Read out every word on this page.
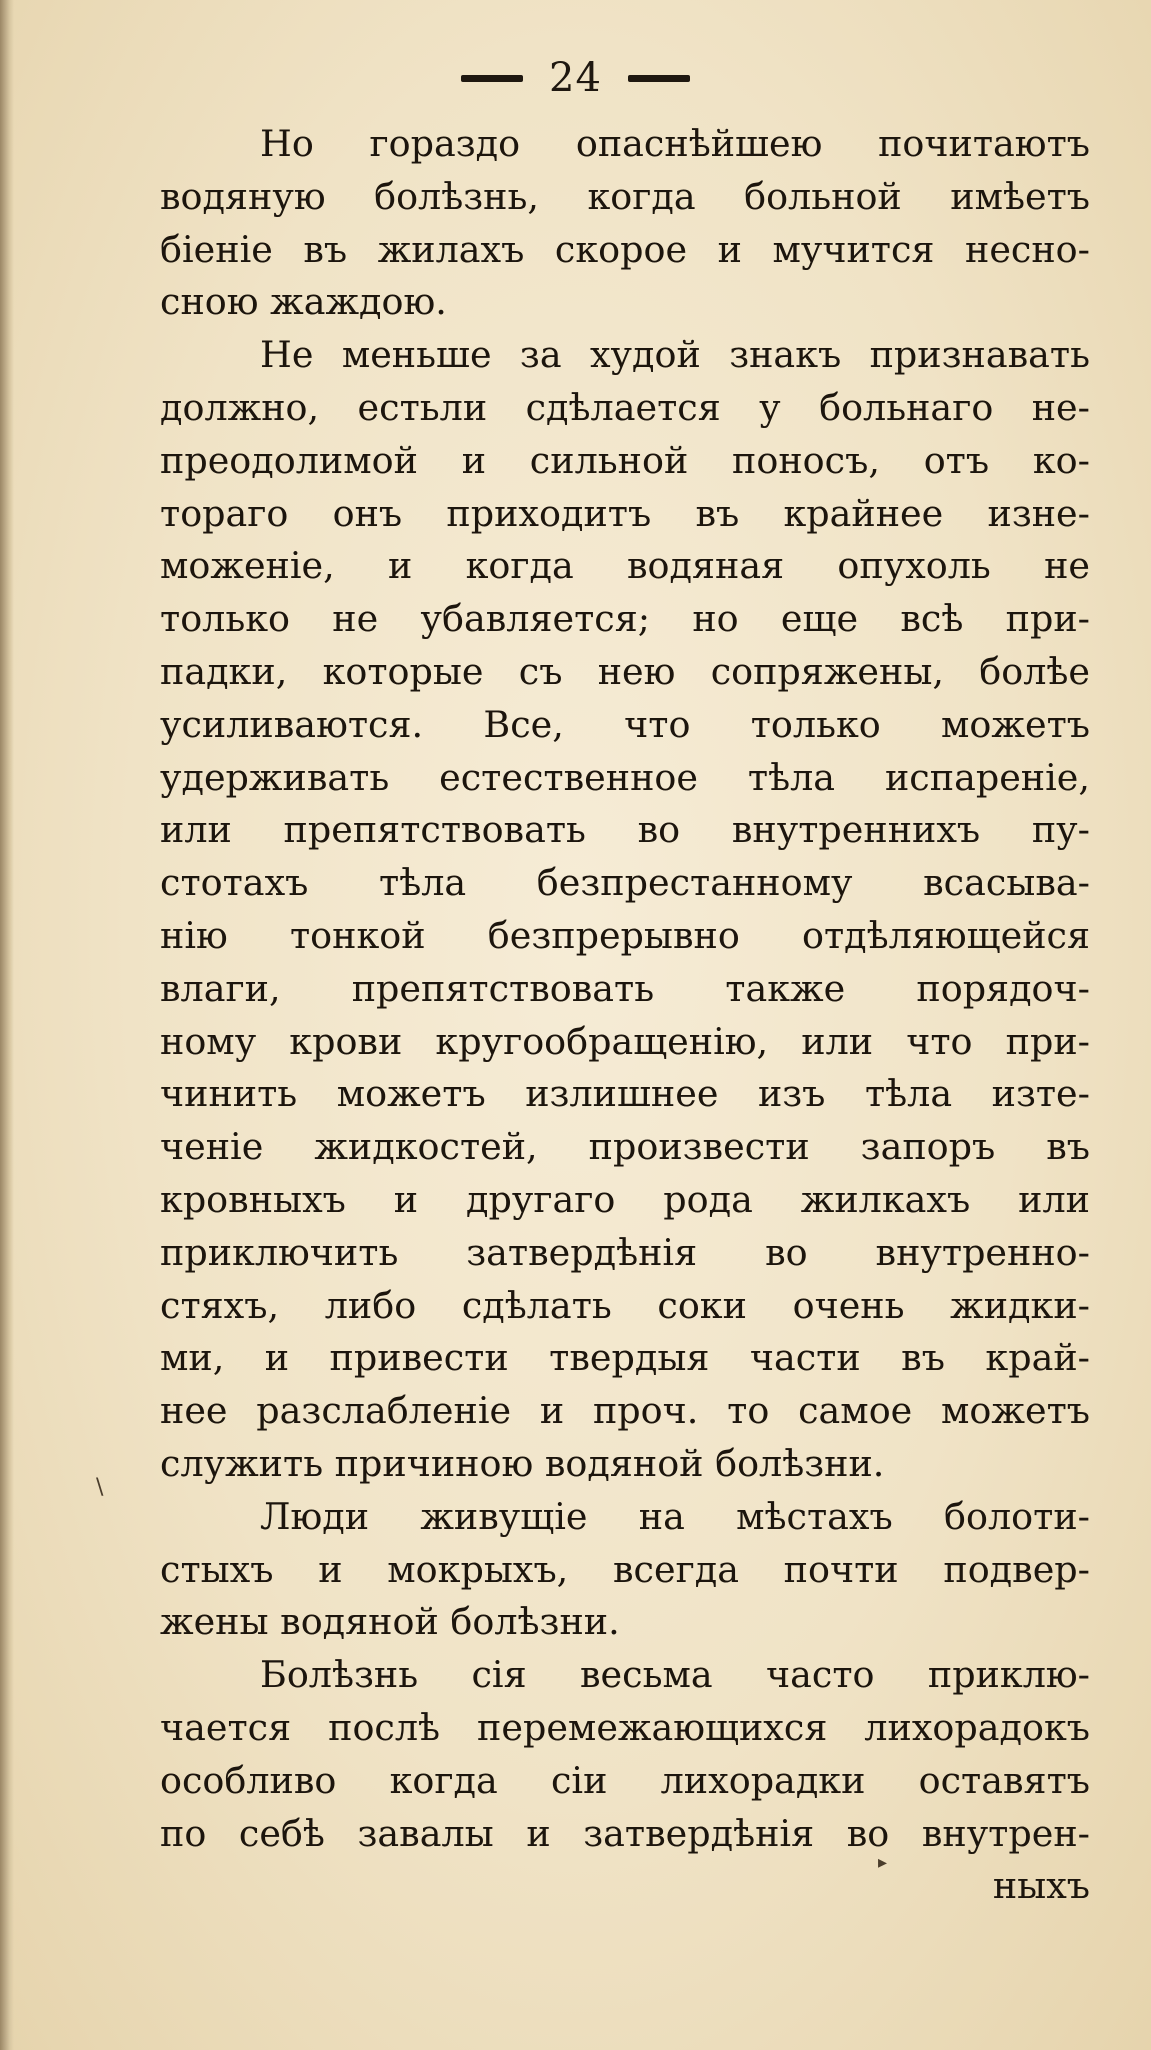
24
Но гораздо опаснѣйшею почитаютъ
водяную болѣзнь, когда больной имѣетъ
біеніе въ жилахъ скорое и мучится несно-
сною жаждою.
Не меньше за худой знакъ признавать
должно, естьли сдѣлается у больнаго не-
преодолимой и сильной поносъ, отъ ко-
тораго онъ приходитъ въ крайнее изне-
моженіе, и когда водяная опухоль не
только не убавляется; но еще всѣ при-
падки, которые съ нею сопряжены, болѣе
усиливаются. Все, что только можетъ
удерживать естественное тѣла испареніе,
или препятствовать во внутреннихъ пу-
стотахъ тѣла безпрестанному всасыва-
нію тонкой безпрерывно отдѣляющейся
влаги, препятствовать также порядоч-
ному крови кругообращенію, или что при-
чинить можетъ излишнее изъ тѣла изте-
ченіе жидкостей, произвести запоръ въ
кровныхъ и другаго рода жилкахъ или
приключить затвердѣнія во внутренно-
стяхъ, либо сдѣлать соки очень жидки-
ми, и привести твердыя части въ край-
нее разслабленіе и проч. то самое можетъ
служить причиною водяной болѣзни.
Люди живущіе на мѣстахъ болоти-
стыхъ и мокрыхъ, всегда почти подвер-
жены водяной болѣзни.
Болѣзнь сія весьма часто приклю-
чается послѣ перемежающихся лихорадокъ
особливо когда сіи лихорадки оставятъ
по себѣ завалы и затвердѣнія во внутрен-
ныхъ
\
▸
